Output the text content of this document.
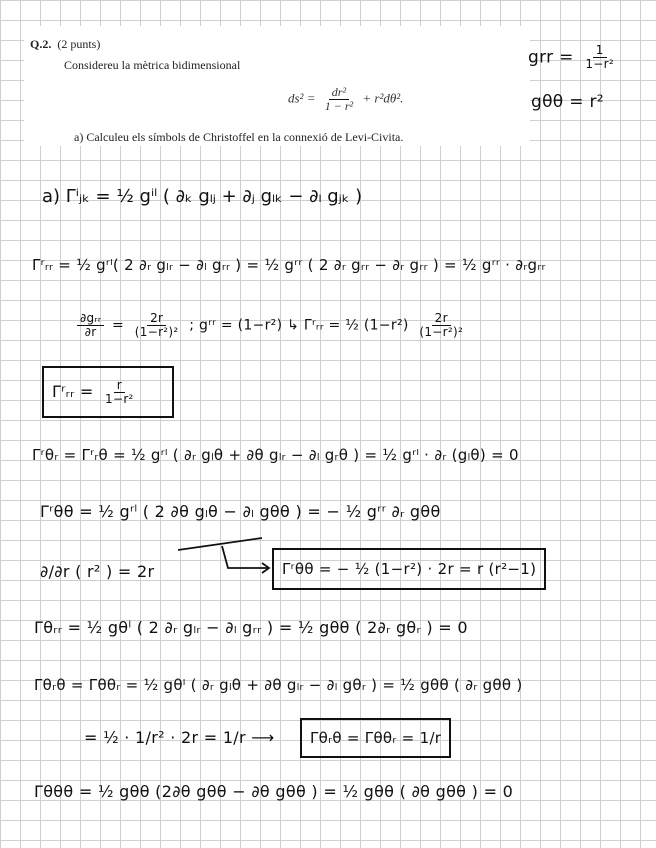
Q.2. (2 punts)
Considereu la mètrica bidimensional
$ds^2 = \frac{\text{dr²}}{\text{1 − r²}} + r^2d\theta^2$.
a) Calculeu els símbols de Christoffel en la connexió de Levi-Civita.
grr = $\frac{1}{\text{1−r²}}$
gθθ = r²
a) Γⁱⱼₖ = ½ gⁱˡ ( ∂ₖ gₗⱼ + ∂ⱼ gₗₖ − ∂ₗ gⱼₖ )
Γʳᵣᵣ = ½ gʳˡ( 2 ∂ᵣ gₗᵣ − ∂ₗ gᵣᵣ ) = ½ gʳʳ ( 2 ∂ᵣ gᵣᵣ − ∂ᵣ gᵣᵣ ) = ½ gʳʳ · ∂ᵣgᵣᵣ
$\frac{\text{∂gᵣᵣ}}{\partial r} = \frac{2r}{\text{(1−r²)²}}$ ; gʳʳ = (1−r²) ↳ Γʳᵣᵣ = ½ $(1-r^2) \frac{2r}{\text{(1−r²)²}}$
Γʳᵣᵣ = $\frac{r}{\text{1−r²}}$
Γʳθᵣ = Γʳᵣθ = ½ gʳˡ ( ∂ᵣ gₗθ + ∂θ gₗᵣ − ∂ₗ gᵣθ ) = ½ gʳˡ · ∂ᵣ (gₗθ) = 0
Γʳθθ = ½ gʳˡ ( 2 ∂θ gₗθ − ∂ₗ gθθ ) = − ½ gʳʳ ∂ᵣ gθθ
∂/∂r ( r² ) = 2r	Γʳθθ = − ½ (1−r²) · 2r = r (r²−1)
Γθᵣᵣ = ½ gθˡ ( 2 ∂ᵣ gₗᵣ − ∂ₗ gᵣᵣ ) = ½ gθθ ( 2∂ᵣ gθᵣ ) = 0
Γθᵣθ = Γθθᵣ = ½ gθˡ ( ∂ᵣ gₗθ + ∂θ gₗᵣ − ∂ₗ gθᵣ ) = ½ gθθ ( ∂ᵣ gθθ )
= ½ · 1/r² · 2r = 1/r ⟶	Γθᵣθ = Γθθᵣ = 1/r
Γθθθ = ½ gθθ (2∂θ gθθ − ∂θ gθθ ) = ½ gθθ ( ∂θ gθθ ) = 0
